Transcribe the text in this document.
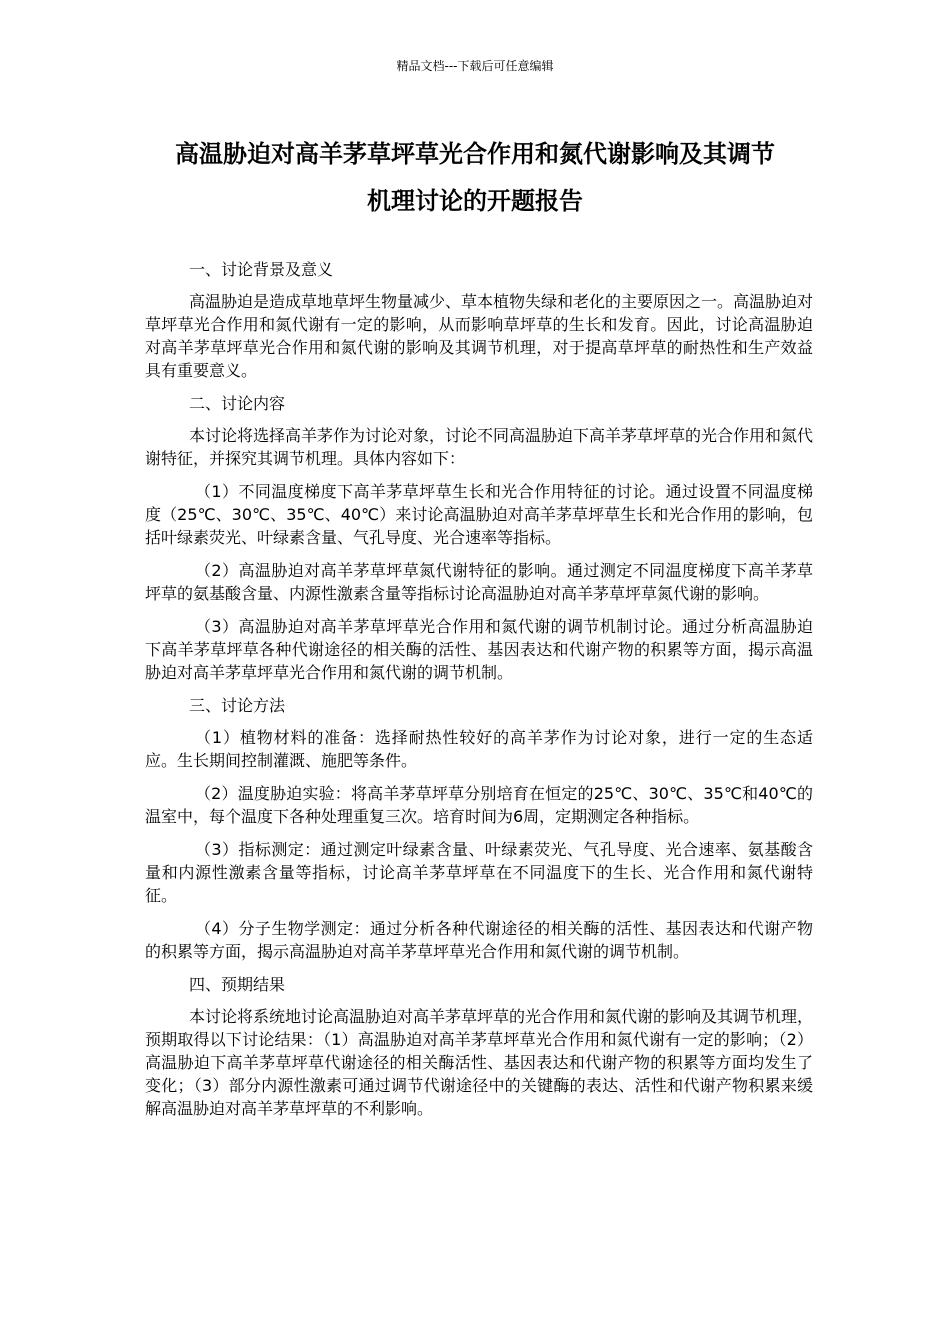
精品文档---下载后可任意编辑
高温胁迫对高羊茅草坪草光合作用和氮代谢影响及其调节
机理讨论的开题报告
一、讨论背景及意义

高温胁迫是造成草地草坪生物量减少、草本植物失绿和老化的主要原因之一。高温胁迫对草坪草光合作用和氮代谢有一定的影响，从而影响草坪草的生长和发育。因此，讨论高温胁迫对高羊茅草坪草光合作用和氮代谢的影响及其调节机理，对于提高草坪草的耐热性和生产效益具有重要意义。

二、讨论内容

本讨论将选择高羊茅作为讨论对象，讨论不同高温胁迫下高羊茅草坪草的光合作用和氮代谢特征，并探究其调节机理。具体内容如下：

（1）不同温度梯度下高羊茅草坪草生长和光合作用特征的讨论。通过设置不同温度梯度（25℃、30℃、35℃、40℃）来讨论高温胁迫对高羊茅草坪草生长和光合作用的影响，包括叶绿素荧光、叶绿素含量、气孔导度、光合速率等指标。

（2）高温胁迫对高羊茅草坪草氮代谢特征的影响。通过测定不同温度梯度下高羊茅草坪草的氨基酸含量、内源性激素含量等指标讨论高温胁迫对高羊茅草坪草氮代谢的影响。

（3）高温胁迫对高羊茅草坪草光合作用和氮代谢的调节机制讨论。通过分析高温胁迫下高羊茅草坪草各种代谢途径的相关酶的活性、基因表达和代谢产物的积累等方面，揭示高温胁迫对高羊茅草坪草光合作用和氮代谢的调节机制。

三、讨论方法

（1）植物材料的准备：选择耐热性较好的高羊茅作为讨论对象，进行一定的生态适应。生长期间控制灌溉、施肥等条件。

（2）温度胁迫实验：将高羊茅草坪草分别培育在恒定的25℃、30℃、35℃和40℃的温室中，每个温度下各种处理重复三次。培育时间为6周，定期测定各种指标。

（3）指标测定：通过测定叶绿素含量、叶绿素荧光、气孔导度、光合速率、氨基酸含量和内源性激素含量等指标，讨论高羊茅草坪草在不同温度下的生长、光合作用和氮代谢特征。

（4）分子生物学测定：通过分析各种代谢途径的相关酶的活性、基因表达和代谢产物的积累等方面，揭示高温胁迫对高羊茅草坪草光合作用和氮代谢的调节机制。

四、预期结果

本讨论将系统地讨论高温胁迫对高羊茅草坪草的光合作用和氮代谢的影响及其调节机理，预期取得以下讨论结果：（1）高温胁迫对高羊茅草坪草光合作用和氮代谢有一定的影响；（2）高温胁迫下高羊茅草坪草代谢途径的相关酶活性、基因表达和代谢产物的积累等方面均发生了变化；（3）部分内源性激素可通过调节代谢途径中的关键酶的表达、活性和代谢产物积累来缓解高温胁迫对高羊茅草坪草的不利影响。
